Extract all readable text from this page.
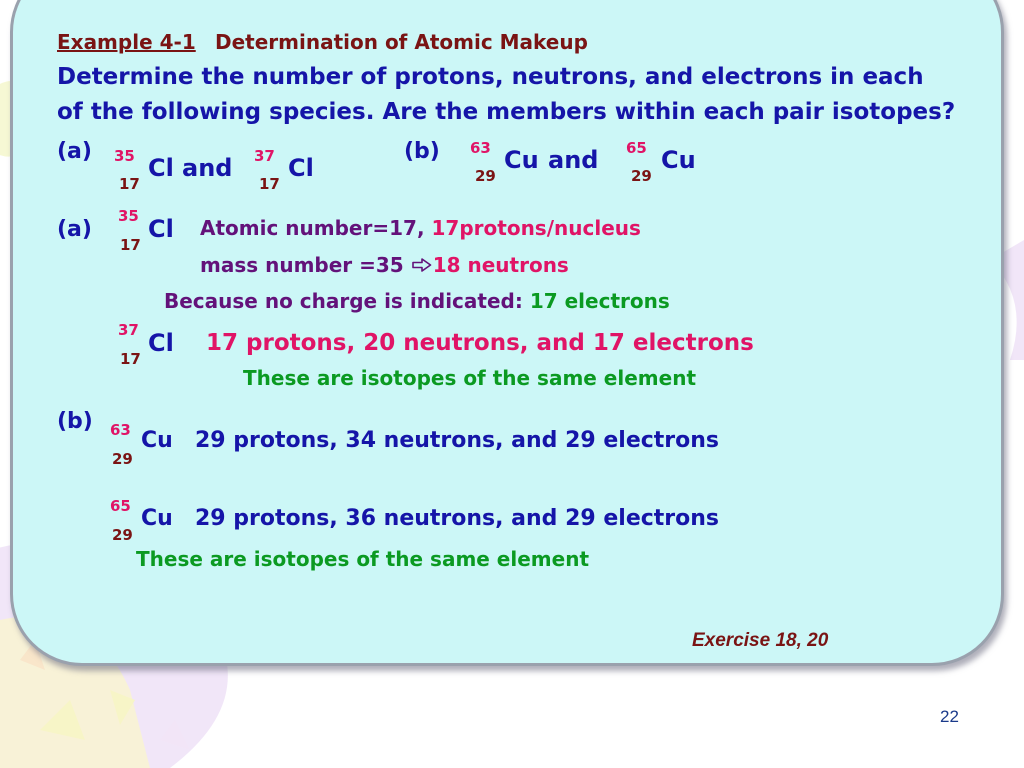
Example 4-1 Determination of Atomic Makeup
Determine the number of protons, neutrons, and electrons in each
of the following species. Are the members within each pair isotopes?
(a) 35
17
Cl and 37
17
Cl
(b) 63
29
Cu and 65
29
Cu
(a)
35
17
Cl Atomic number=17, 17protons/nucleus
mass number =35 18 neutrons
Because no charge is indicated: 17 electrons
37
17
Cl 17 protons, 20 neutrons, and 17 electrons
These are isotopes of the same element
(b) 63
29
Cu 29 protons, 34 neutrons, and 29 electrons
65
29
Cu 29 protons, 36 neutrons, and 29 electrons
These are isotopes of the same element
Exercise 18, 20
22
